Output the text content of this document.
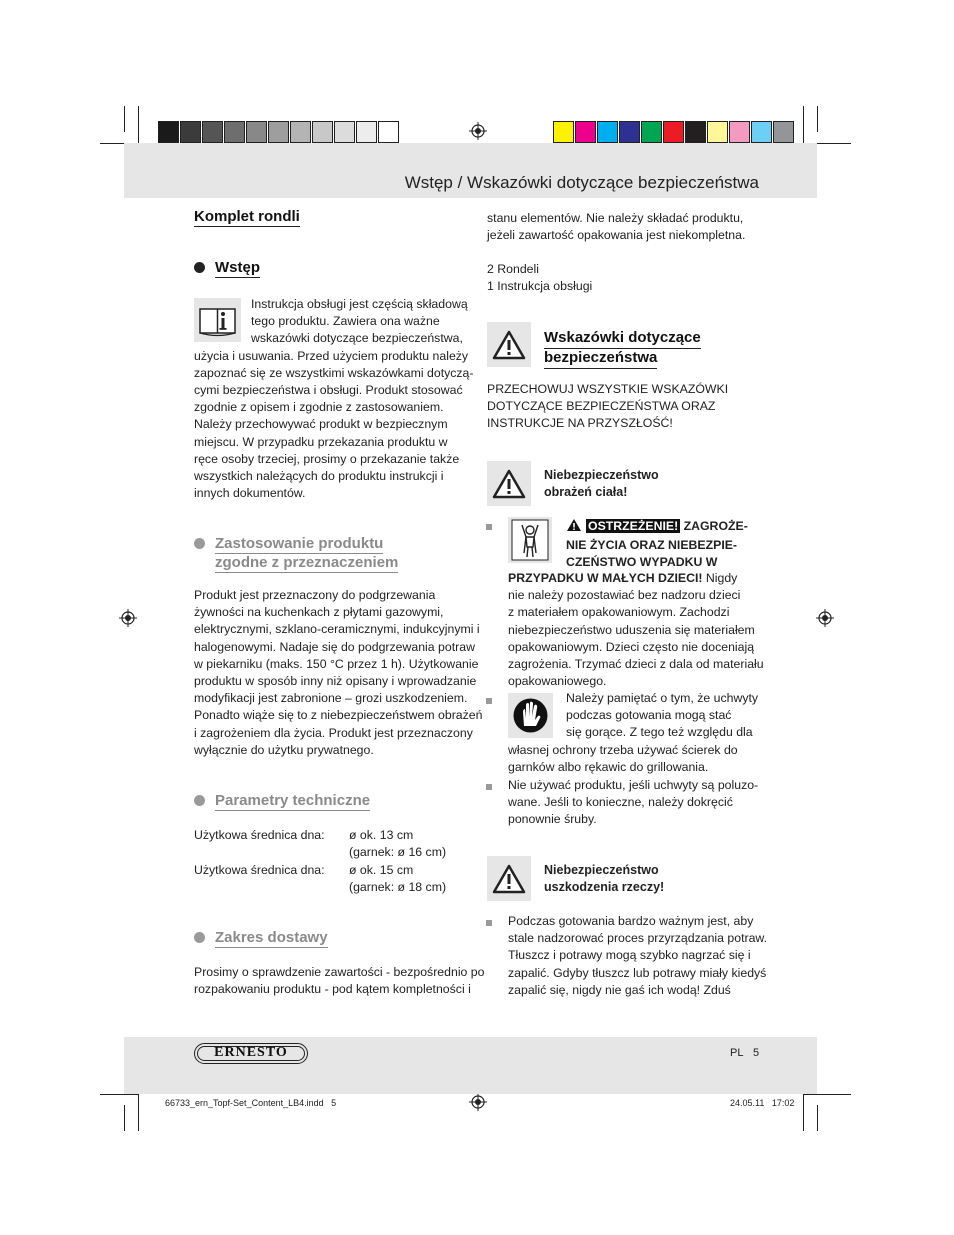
Wstęp / Wskazówki dotyczące bezpieczeństwa
Komplet rondli
Wstęp
Instrukcja obsługi jest częścią składową
tego produktu. Zawiera ona ważne
wskazówki dotyczące bezpieczeństwa,
użycia i usuwania. Przed użyciem produktu należy
zapoznać się ze wszystkimi wskazówkami dotyczą-
cymi bezpieczeństwa i obsługi. Produkt stosować
zgodnie z opisem i zgodnie z zastosowaniem.
Należy przechowywać produkt w bezpiecznym
miejscu. W przypadku przekazania produktu w
ręce osoby trzeciej, prosimy o przekazanie także
wszystkich należących do produktu instrukcji i
innych dokumentów.
Zastosowanie produktu
zgodne z przeznaczeniem
Produkt jest przeznaczony do podgrzewania
żywności na kuchenkach z płytami gazowymi,
elektrycznymi, szklano-ceramicznymi, indukcyjnymi i
halogenowymi. Nadaje się do podgrzewania potraw
w piekarniku (maks. 150 °C przez 1 h). Użytkowanie
produktu w sposób inny niż opisany i wprowadzanie
modyfikacji jest zabronione – grozi uszkodzeniem.
Ponadto wiąże się to z niebezpieczeństwem obrażeń
i zagrożeniem dla życia. Produkt jest przeznaczony
wyłącznie do użytku prywatnego.
Parametry techniczne
Użytkowa średnica dna: ø ok. 13 cm
(garnek: ø 16 cm)
Użytkowa średnica dna: ø ok. 15 cm
(garnek: ø 18 cm)
Zakres dostawy
Prosimy o sprawdzenie zawartości - bezpośrednio po
rozpakowaniu produktu - pod kątem kompletności i
stanu elementów. Nie należy składać produktu,
jeżeli zawartość opakowania jest niekompletna.
2 Rondeli
1 Instrukcja obsługi
Wskazówki dotyczące
bezpieczeństwa
PRZECHOWUJ WSZYSTKIE WSKAZÓWKI
DOTYCZĄCE BEZPIECZEŃSTWA ORAZ
INSTRUKCJE NA PRZYSZŁOŚĆ!
Niebezpieczeństwo
obrażeń ciała!
OSTRZEŻENIE! ZAGROŻE-
NIE ŻYCIA ORAZ NIEBEZPIE-
CZEŃSTWO WYPADKU W
PRZYPADKU W MAŁYCH DZIECI! Nigdy
nie należy pozostawiać bez nadzoru dzieci
z materiałem opakowaniowym. Zachodzi
niebezpieczeństwo uduszenia się materiałem
opakowaniowym. Dzieci często nie doceniają
zagrożenia. Trzymać dzieci z dala od materiału
opakowaniowego.
Należy pamiętać o tym, że uchwyty
podczas gotowania mogą stać
się gorące. Z tego też względu dla
własnej ochrony trzeba używać ścierek do
garnków albo rękawic do grillowania.
Nie używać produktu, jeśli uchwyty są poluzo-
wane. Jeśli to konieczne, należy dokręcić
ponownie śruby.
Niebezpieczeństwo
uszkodzenia rzeczy!
Podczas gotowania bardzo ważnym jest, aby
stale nadzorować proces przyrządzania potraw.
Tłuszcz i potrawy mogą szybko nagrzać się i
zapalić. Gdyby tłuszcz lub potrawy miały kiedyś
zapalić się, nigdy nie gaś ich wodą! Zduś
ERNESTO	PL 5
66733_ern_Topf-Set_Content_LB4.indd   5	24.05.11   17:02
